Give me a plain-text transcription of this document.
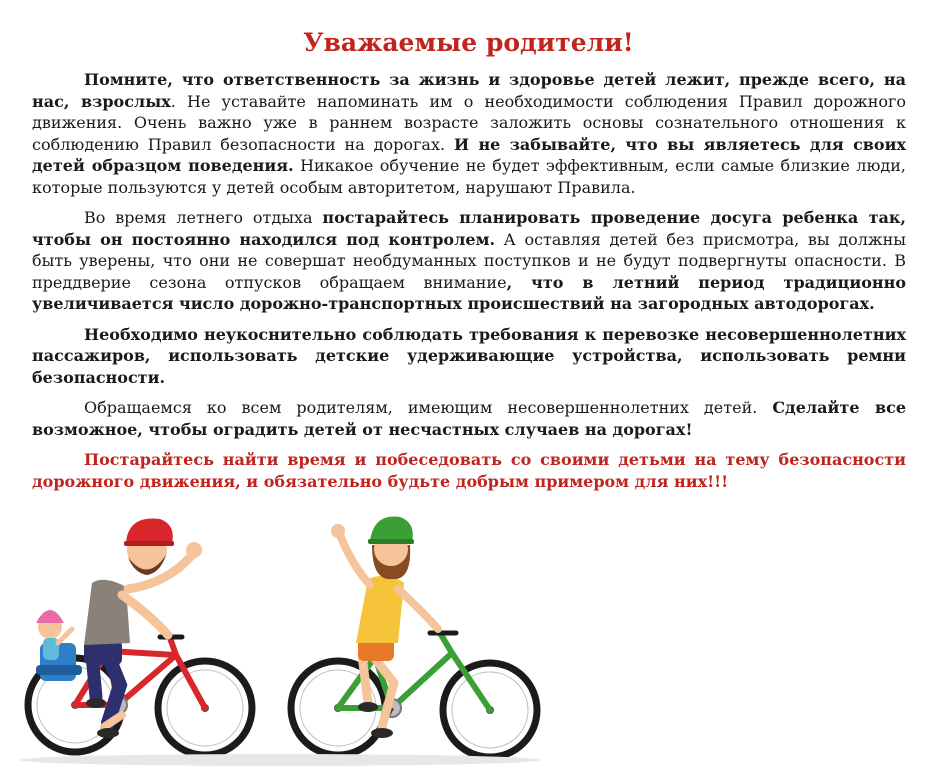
Уважаемые родители!

Помните, что ответственность за жизнь и здоровье детей лежит, прежде всего, на нас, взрослых. Не уставайте напоминать им о необходимости соблюдения Правил дорожного движения. Очень важно уже в раннем возрасте заложить основы сознательного отношения к соблюдению Правил безопасности на дорогах. И не забывайте, что вы являетесь для своих детей образцом поведения. Никакое обучение не будет эффективным, если самые близкие люди, которые пользуются у детей особым авторитетом, нарушают Правила.

Во время летнего отдыха постарайтесь планировать проведение досуга ребенка так, чтобы он постоянно находился под контролем. А оставляя детей без присмотра, вы должны быть уверены, что они не совершат необдуманных поступков и не будут подвергнуты опасности. В преддверие сезона отпусков обращаем внимание, что в летний период традиционно увеличивается число дорожно-транспортных происшествий на загородных автодорогах.

Необходимо неукоснительно соблюдать требования к перевозке несовершеннолетних пассажиров, использовать детские удерживающие устройства, использовать ремни безопасности.

Обращаемся ко всем родителям, имеющим несовершеннолетних детей. Сделайте все возможное, чтобы оградить детей от несчастных случаев на дорогах!

Постарайтесь найти время и побеседовать со своими детьми на тему безопасности дорожного движения, и обязательно будьте добрым примером для них!!!
